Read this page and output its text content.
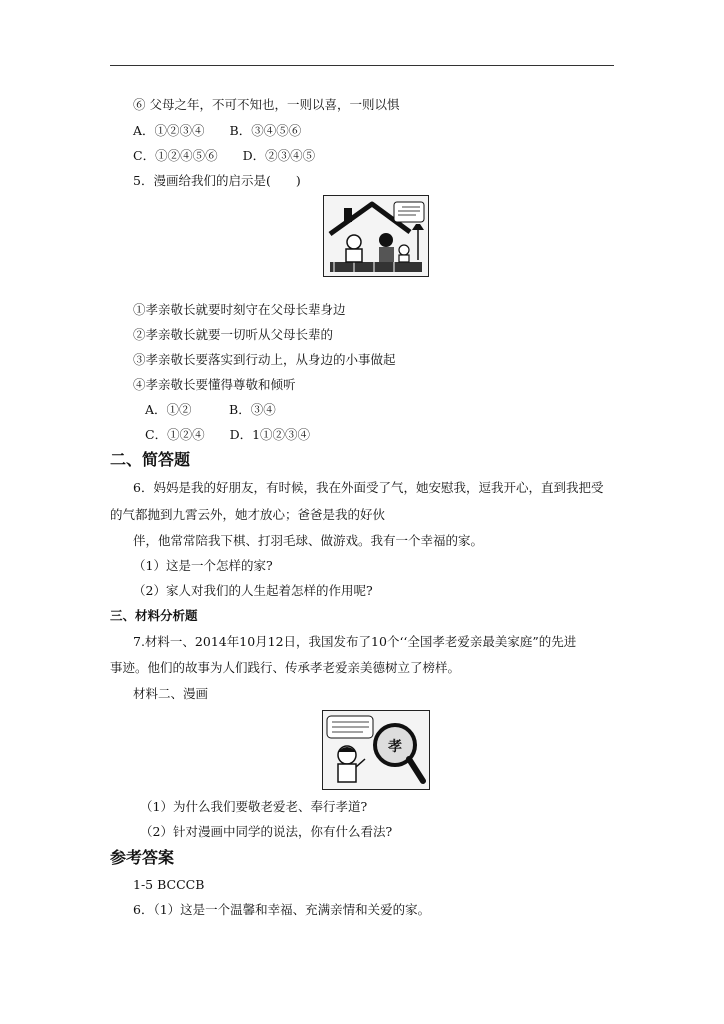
⑥ 父母之年，不可不知也，一则以喜，一则以惧
A．①②③④　　B．③④⑤⑥
C．①②④⑤⑥　　D．②③④⑤
5．漫画给我们的启示是(　　)
①孝亲敬长就要时刻守在父母长辈身边
②孝亲敬长就要一切听从父母长辈的
③孝亲敬长要落实到行动上，从身边的小事做起
④孝亲敬长要懂得尊敬和倾听
A．①②　　　B．③④
C．①②④　　D．1①②③④
二、简答题
6．妈妈是我的好朋友，有时候，我在外面受了气，她安慰我，逗我开心，直到我把受
的气都抛到九霄云外，她才放心；爸爸是我的好伙
伴，他常常陪我下棋、打羽毛球、做游戏。我有一个幸福的家。
（1）这是一个怎样的家?
（2）家人对我们的人生起着怎样的作用呢?
三、材料分析题
7.材料一、2014年10月12日，我国发布了10个‘‘全国孝老爱亲最美家庭”的先进
事迹。他们的故事为人们践行、传承孝老爱亲美德树立了榜样。
材料二、漫画
孝
（1）为什么我们要敬老爱老、奉行孝道?
（2）针对漫画中同学的说法，你有什么看法?
参考答案
1-5 BCCCB
6．（1）这是一个温馨和幸福、充满亲情和关爱的家。
